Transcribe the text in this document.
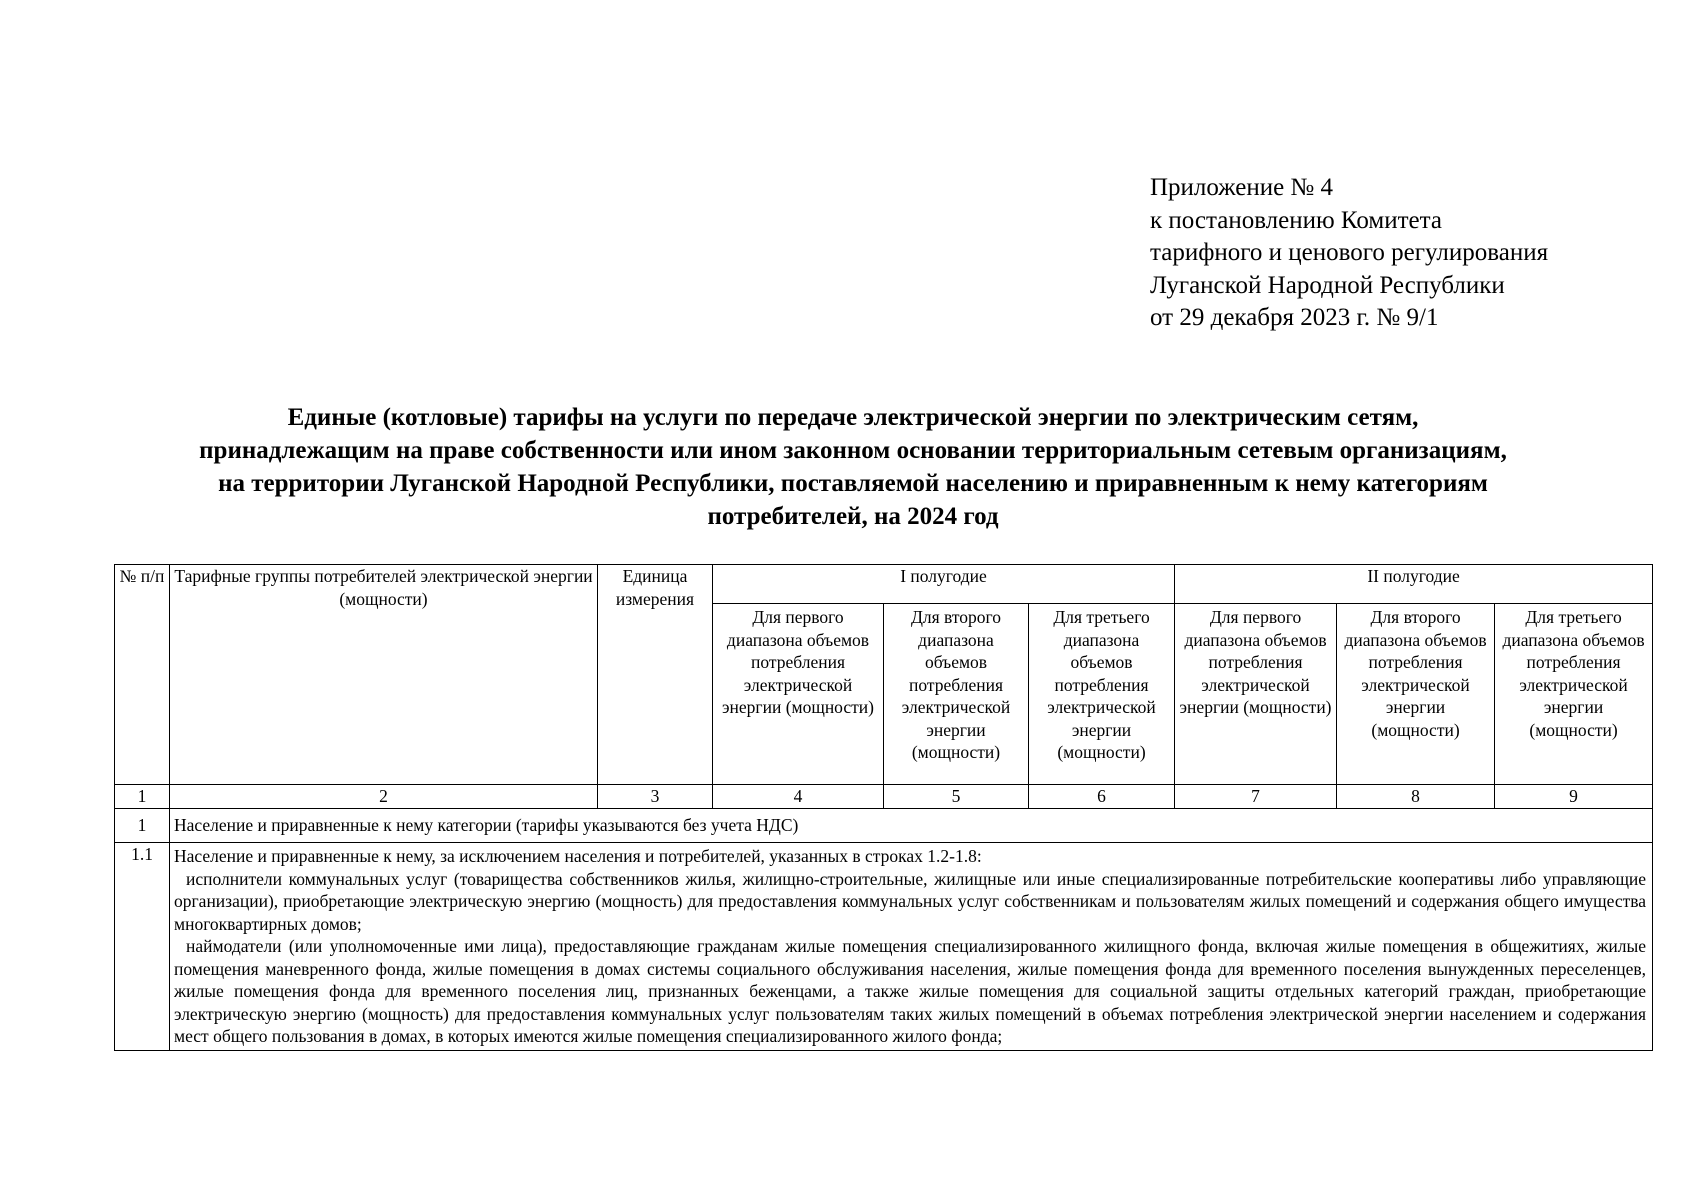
Приложение № 4
к постановлению Комитета
тарифного и ценового регулирования
Луганской Народной Республики
от 29 декабря 2023 г. № 9/1
Единые (котловые) тарифы на услуги по передаче электрической энергии по электрическим сетям,
принадлежащим на праве собственности или ином законном основании территориальным сетевым организациям,
на территории Луганской Народной Республики, поставляемой населению и приравненным к нему категориям
потребителей, на 2024 год
№ п/п	Тарифные группы потребителей электрической энергии (мощности)	Единица измерения	I полугодие			II полугодие		
			Для первого диапазона объемов потребления электрической энергии (мощности)	Для второго диапазона объемов потребления электрической энергии (мощности)	Для третьего диапазона объемов потребления электрической энергии (мощности)	Для первого диапазона объемов потребления электрической энергии (мощности)	Для второго диапазона объемов потребления электрической энергии (мощности)	Для третьего диапазона объемов потребления электрической энергии (мощности)
1	2	3	4	5	6	7	8	9
1	Население и приравненные к нему категории (тарифы указываются без учета НДС)							
1.1	Население и приравненные к нему, за исключением населения и потребителей, указанных в строках 1.2-1.8:
исполнители коммунальных услуг (товарищества собственников жилья, жилищно-строительные, жилищные или иные специализированные потребительские кооперативы либо управляющие организации), приобретающие электрическую энергию (мощность) для предоставления коммунальных услуг собственникам и пользователям жилых помещений и содержания общего имущества многоквартирных домов;
наймодатели (или уполномоченные ими лица), предоставляющие гражданам жилые помещения специализированного жилищного фонда, включая жилые помещения в общежитиях, жилые помещения маневренного фонда, жилые помещения в домах системы социального обслуживания населения, жилые помещения фонда для временного поселения вынужденных переселенцев, жилые помещения фонда для временного поселения лиц, признанных беженцами, а также жилые помещения для социальной защиты отдельных категорий граждан, приобретающие электрическую энергию (мощность) для предоставления коммунальных услуг пользователям таких жилых помещений в объемах потребления электрической энергии населением и содержания мест общего пользования в домах, в которых имеются жилые помещения специализированного жилого фонда;							
